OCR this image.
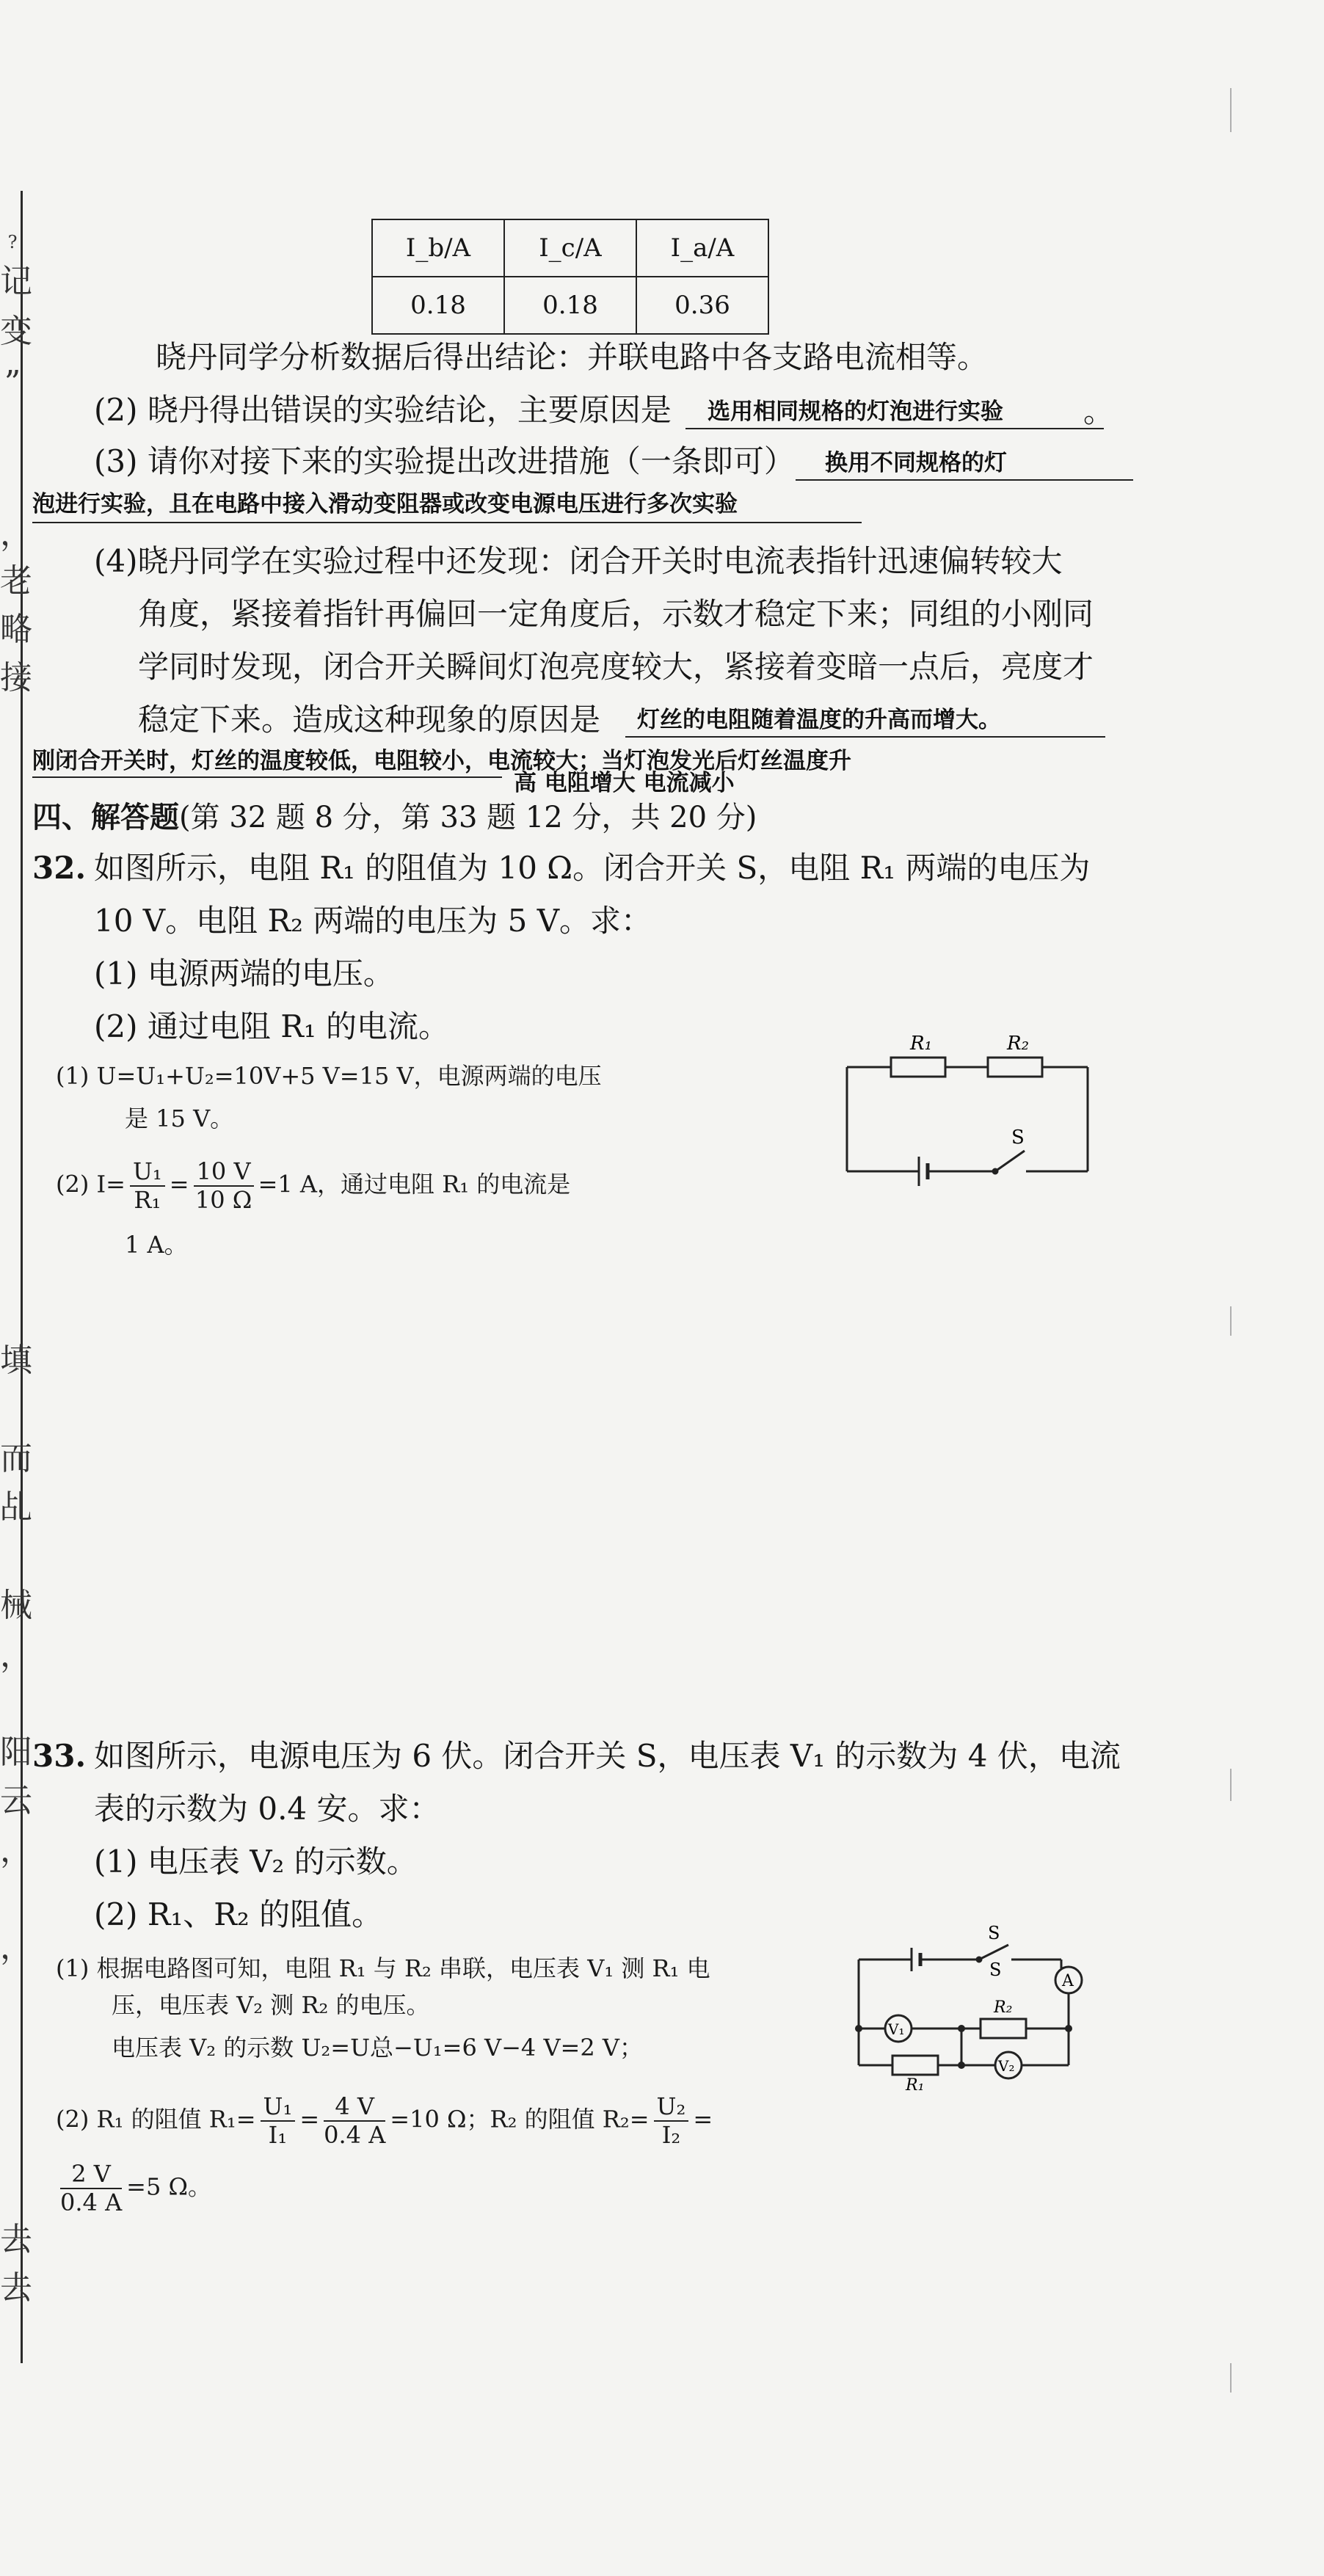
?
记
变
”
，
老
略
接
填
而
乩
械
，
阳
云
，
，
去
去
I_b/A	I_c/A	I_a/A
0.18	0.18	0.36
晓丹同学分析数据后得出结论：并联电路中各支路电流相等。
(2) 晓丹得出错误的实验结论，主要原因是	选用相同规格的灯泡进行实验	。
(3) 请你对接下来的实验提出改进措施（一条即可）	换用不同规格的灯
泡进行实验，且在电路中接入滑动变阻器或改变电源电压进行多次实验
(4)晓丹同学在实验过程中还发现：闭合开关时电流表指针迅速偏转较大
角度，紧接着指针再偏回一定角度后，示数才稳定下来；同组的小刚同
学同时发现，闭合开关瞬间灯泡亮度较大，紧接着变暗一点后，亮度才
稳定下来。造成这种现象的原因是	灯丝的电阻随着温度的升高而增大。
刚闭合开关时，灯丝的温度较低，电阻较小，电流较大；当灯泡发光后灯丝温度升
高 电阻增大 电流减小
四、解答题(第 32 题 8 分，第 33 题 12 分，共 20 分)
32. 如图所示，电阻 R₁ 的阻值为 10 Ω。闭合开关 S，电阻 R₁ 两端的电压为
10 V。电阻 R₂ 两端的电压为 5 V。求：
(1) 电源两端的电压。
(2) 通过电阻 R₁ 的电流。
(1) U=U₁+U₂=10V+5 V=15 V，电源两端的电压
是 15 V。
(2) $I= \frac{\text{U₁}}{\text{R₁}} = \frac{10 V}{10 \Omega} =1$ A，通过电阻 R₁ 的电流是
1 A。
R₁	R₂
S
33. 如图所示，电源电压为 6 伏。闭合开关 S，电压表 V₁ 的示数为 4 伏，电流
表的示数为 0.4 安。求：
(1) 电压表 V₂ 的示数。
(2) R₁、R₂ 的阻值。
(1) 根据电路图可知，电阻 R₁ 与 R₂ 串联，电压表 V₁ 测 R₁ 电
压，电压表 V₂ 测 R₂ 的电压。
电压表 V₂ 的示数 U₂=U总−U₁=6 V−4 V=2 V；
(2) R₁ 的阻值 $R_1= \frac{\text{U₁}}{\text{I₁}} = \frac{4 V}{0.4 A} =10$ Ω；R₂ 的阻值 $R_2= \frac{\text{U₂}}{\text{I₂}}$ =
$\frac{2 V}{0.4 A} =5$ Ω。
S
S
A
V₁
V₂
R₂
R₁
